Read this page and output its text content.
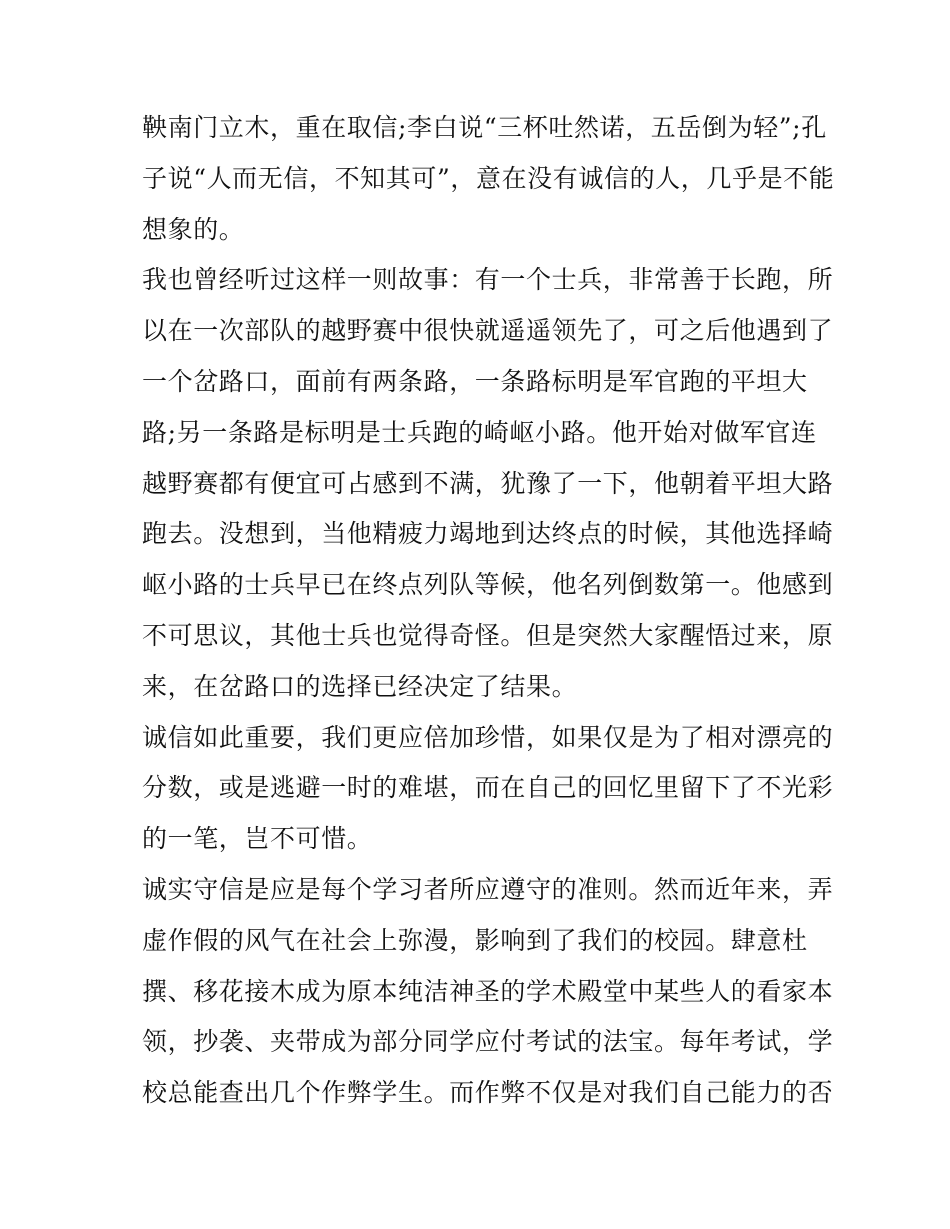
鞅南门立木，重在取信;李白说“三杯吐然诺，五岳倒为轻”;孔
子说“人而无信，不知其可”，意在没有诚信的人，几乎是不能
想象的。
我也曾经听过这样一则故事：有一个士兵，非常善于长跑，所
以在一次部队的越野赛中很快就遥遥领先了，可之后他遇到了
一个岔路口，面前有两条路，一条路标明是军官跑的平坦大
路;另一条路是标明是士兵跑的崎岖小路。他开始对做军官连
越野赛都有便宜可占感到不满，犹豫了一下，他朝着平坦大路
跑去。没想到，当他精疲力竭地到达终点的时候，其他选择崎
岖小路的士兵早已在终点列队等候，他名列倒数第一。他感到
不可思议，其他士兵也觉得奇怪。但是突然大家醒悟过来，原
来，在岔路口的选择已经决定了结果。
诚信如此重要，我们更应倍加珍惜，如果仅是为了相对漂亮的
分数，或是逃避一时的难堪，而在自己的回忆里留下了不光彩
的一笔，岂不可惜。
诚实守信是应是每个学习者所应遵守的准则。然而近年来，弄
虚作假的风气在社会上弥漫，影响到了我们的校园。肆意杜
撰、移花接木成为原本纯洁神圣的学术殿堂中某些人的看家本
领，抄袭、夹带成为部分同学应付考试的法宝。每年考试，学
校总能查出几个作弊学生。而作弊不仅是对我们自己能力的否
